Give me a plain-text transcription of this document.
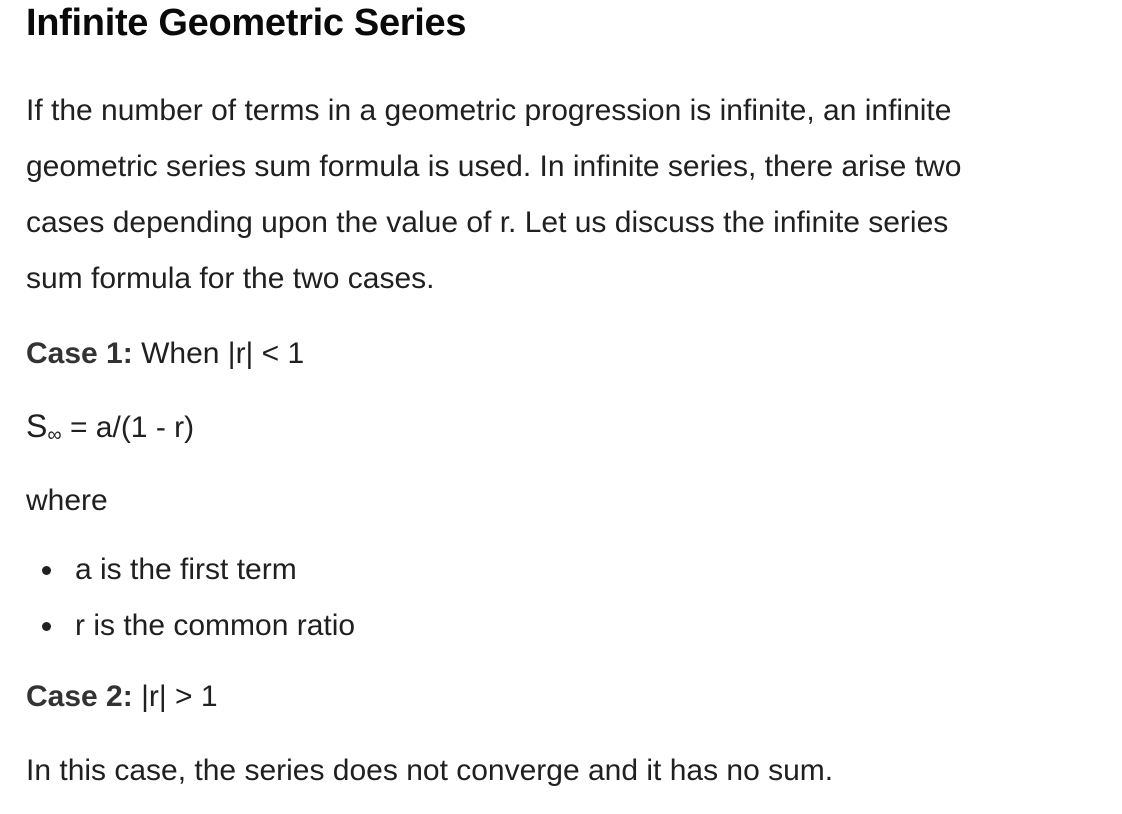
Infinite Geometric Series

If the number of terms in a geometric progression is infinite, an infinite
geometric series sum formula is used. In infinite series, there arise two
cases depending upon the value of r. Let us discuss the infinite series
sum formula for the two cases.

Case 1: When |r| < 1

$S_\infty = a/(1 - r)$

where

a is the first term
r is the common ratio

Case 2: |r| > 1

In this case, the series does not converge and it has no sum.
